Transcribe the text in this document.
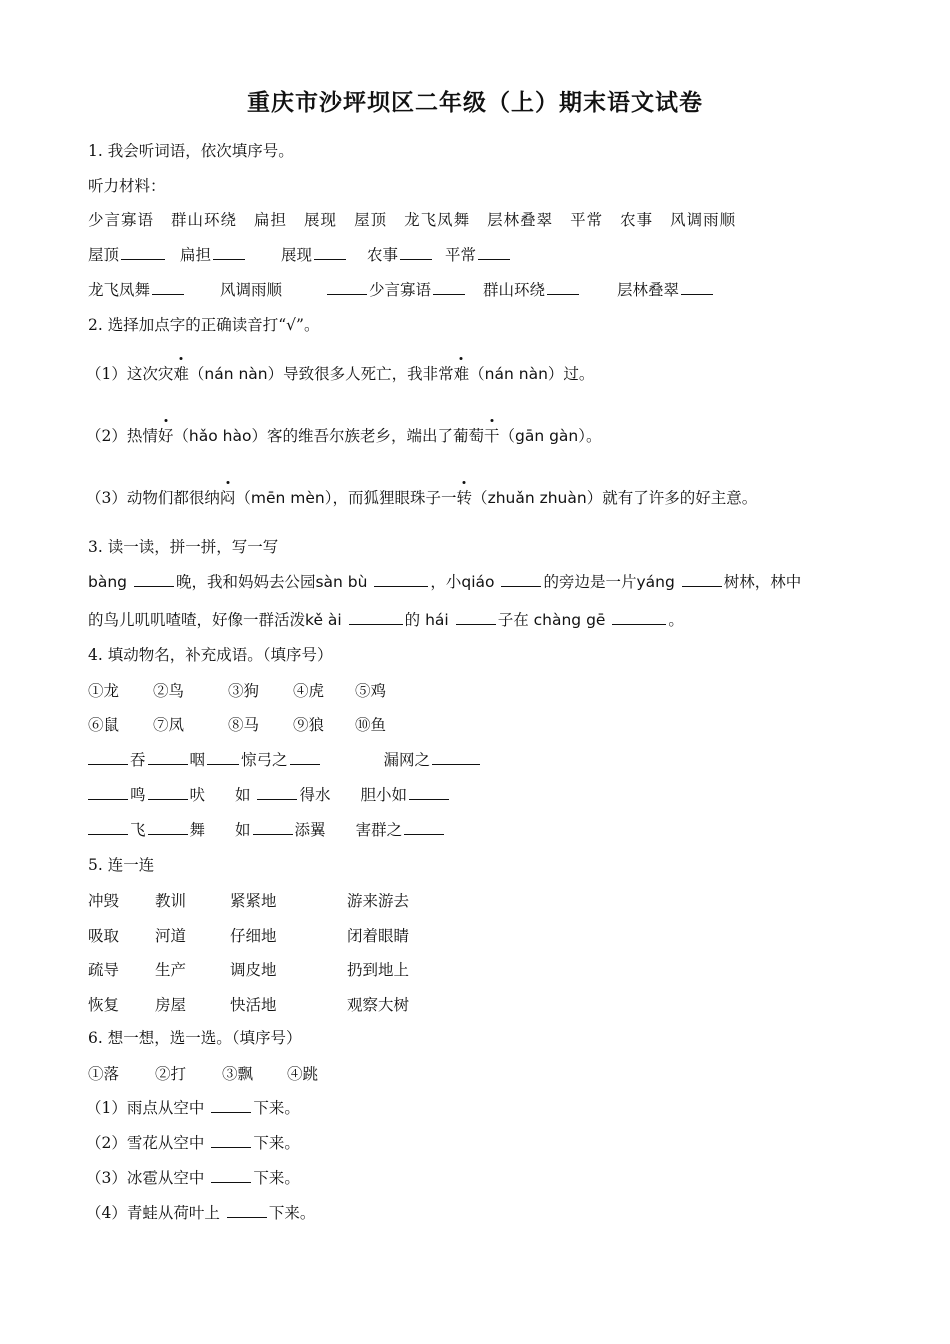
重庆市沙坪坝区二年级（上）期末语文试卷
1. 我会听词语，依次填序号。
听力材料：
少言寡语 群山环绕 扁担 展现 屋顶 龙飞凤舞 层林叠翠 平常 农事 风调雨顺
屋顶	扁担	展现	农事	平常
龙飞凤舞	风调雨顺	少言寡语	群山环绕	层林叠翠
2. 选择加点字的正确读音打“√”。
（1）这次灾难（nán nàn）导致很多人死亡，我非常难（nán nàn）过。
（2）热情好（hǎo hào）客的维吾尔族老乡，端出了葡萄干（gān gàn）。
（3）动物们都很纳闷（mēn mèn），而狐狸眼珠子一转（zhuǎn zhuàn）就有了许多的好主意。
3. 读一读，拼一拼，写一写
bàng	晚，我和妈妈去公园sàn bù	，小qiáo	的旁边是一片yáng	树林，林中
的鸟儿叽叽喳喳，好像一群活泼kě ài	的 hái	子在 chàng gē	。
4. 填动物名，补充成语。（填序号）
①龙 ②鸟	③狗 ④虎 ⑤鸡
⑥鼠 ⑦凤	⑧马 ⑨狼 ⑩鱼
吞	咽 惊弓之	漏网之
鸣	吠 如	得水 胆小如
飞	舞 如	添翼 害群之
5. 连一连
冲毁 教训	紧紧地	游来游去
吸取 河道	仔细地	闭着眼睛
疏导 生产	调皮地	扔到地上
恢复 房屋	快活地	观察大树
6. 想一想，选一选。（填序号）
①落 ②打 ③飘 ④跳
（1）雨点从空中	下来。
（2）雪花从空中	下来。
（3）冰雹从空中	下来。
（4）青蛙从荷叶上	下来。
